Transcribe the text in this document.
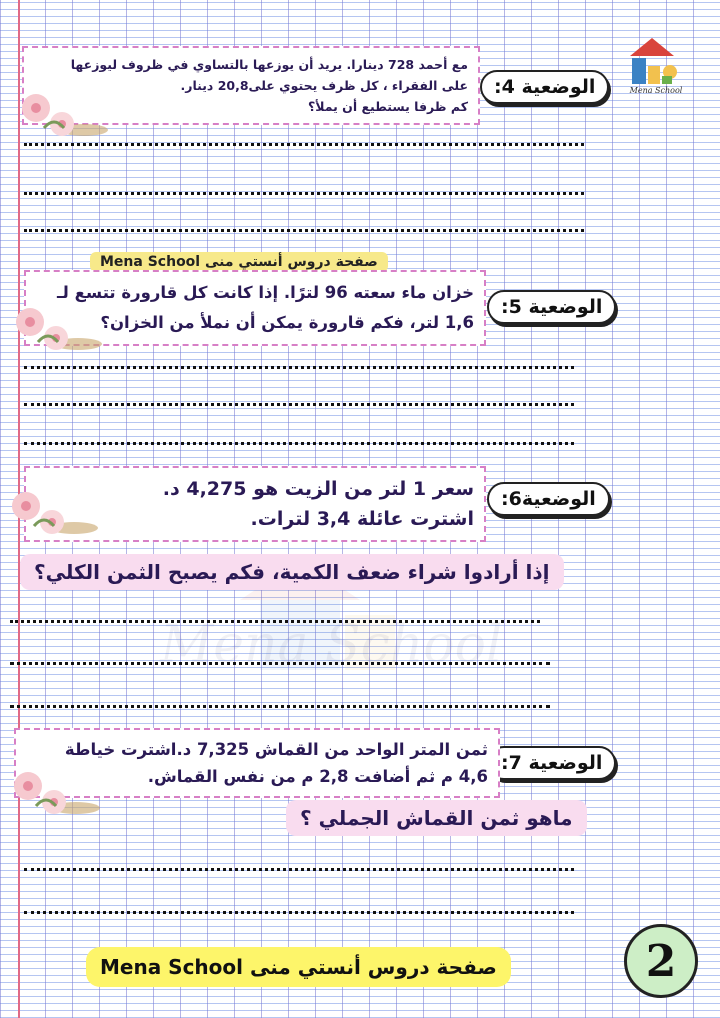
Mena School
Mena School
الوضعية 4:

مع أحمد 728 دينارا. يريد أن يوزعها بالتساوي في ظروف ليوزعها

على الفقراء ، كل ظرف يحتوي على20,8 دينار.

كم ظرفا يستطيع أن يملأ؟

صفحة دروس أنستي منى Mena School
الوضعية 5:

خزان ماء سعته 96 لترًا. إذا كانت كل قارورة تتسع لـ

1,6 لتر، فكم قارورة يمكن أن نملأ من الخزان؟

الوضعية6:

سعر 1 لتر من الزيت هو 4,275 د.

اشترت عائلة 3,4 لترات.

إذا أرادوا شراء ضعف الكمية، فكم يصبح الثمن الكلي؟
الوضعية 7:

ثمن المتر الواحد من القماش 7,325 د.اشترت خياطة

4,6 م ثم أضافت 2,8 م من نفس القماش.

ماهو ثمن القماش الجملي ؟
صفحة دروس أنستي منى Mena School	2
